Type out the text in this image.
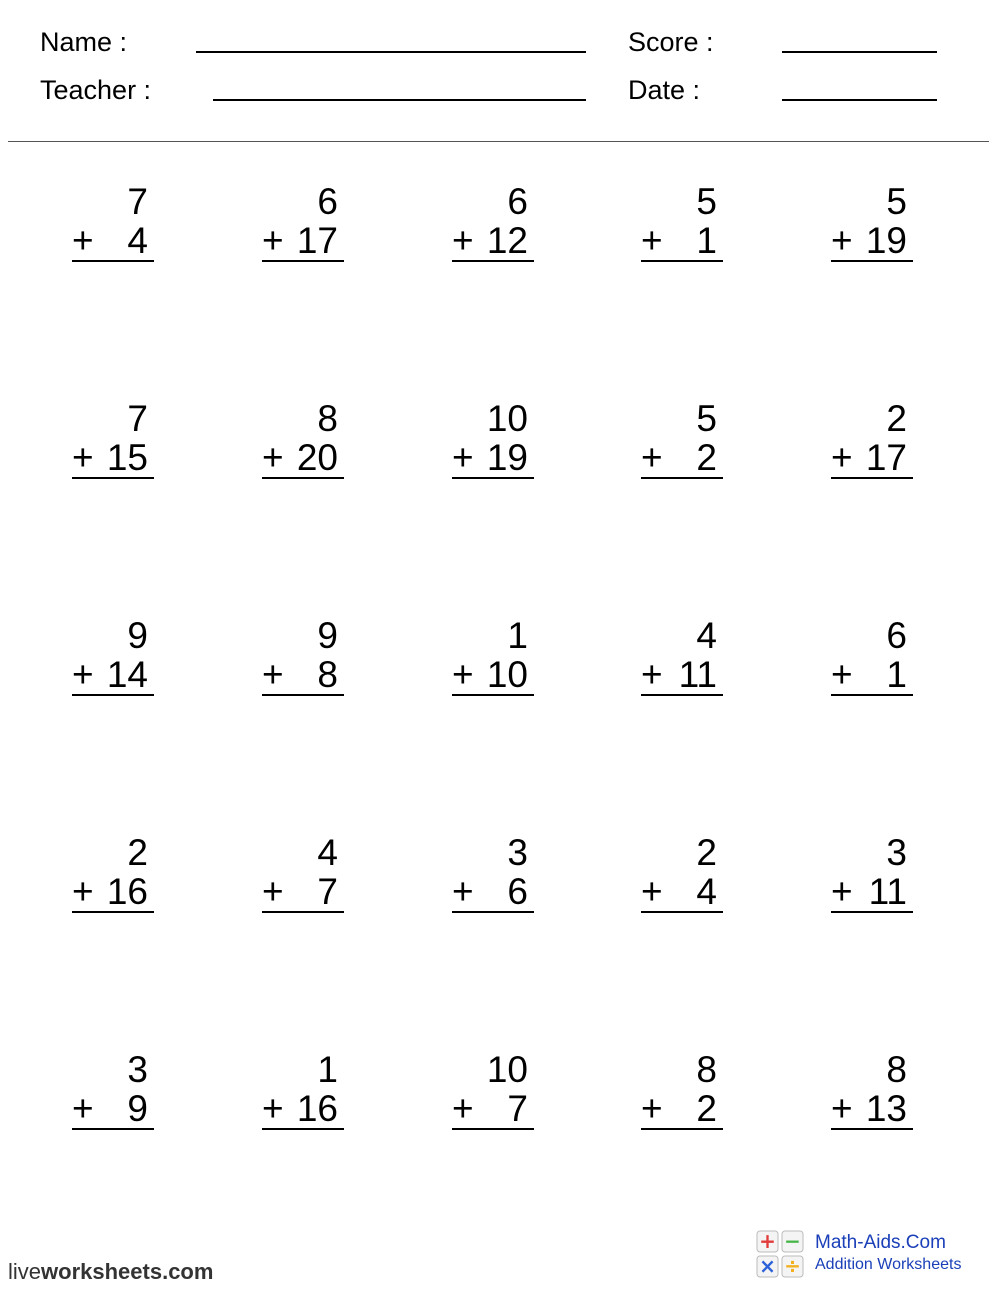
Name :
Teacher :
Score :
Date :
7
+ 4
6
+ 17
6
+ 12
5
+ 1
5
+ 19
7
+ 15
8
+ 20
10
+ 19
5
+ 2
2
+ 17
9
+ 14
9
+ 8
1
+ 10
4
+ 11
6
+ 1
2
+ 16
4
+ 7
3
+ 6
2
+ 4
3
+ 11
3
+ 9
1
+ 16
10
+ 7
8
+ 2
8
+ 13
liveworksheets.com
+ −
× ÷
Math-Aids.Com
Addition Worksheets
